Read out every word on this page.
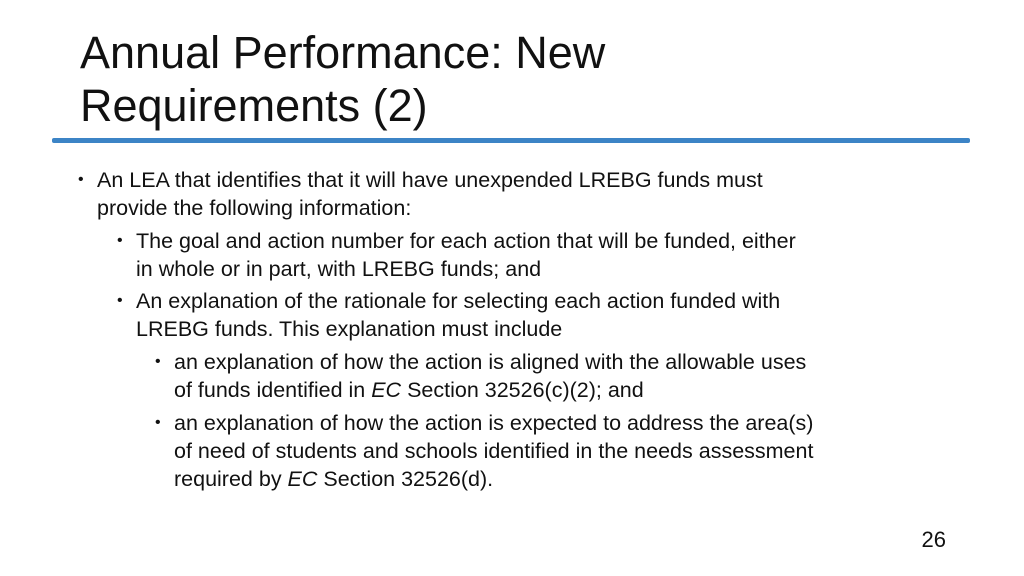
Annual Performance: New
Requirements (2)
• An LEA that identifies that it will have unexpended LREBG funds must
provide the following information:
• The goal and action number for each action that will be funded, either
in whole or in part, with LREBG funds; and
• An explanation of the rationale for selecting each action funded with
LREBG funds. This explanation must include
• an explanation of how the action is aligned with the allowable uses
of funds identified in EC Section 32526(c)(2); and
• an explanation of how the action is expected to address the area(s)
of need of students and schools identified in the needs assessment
required by EC Section 32526(d).
26
